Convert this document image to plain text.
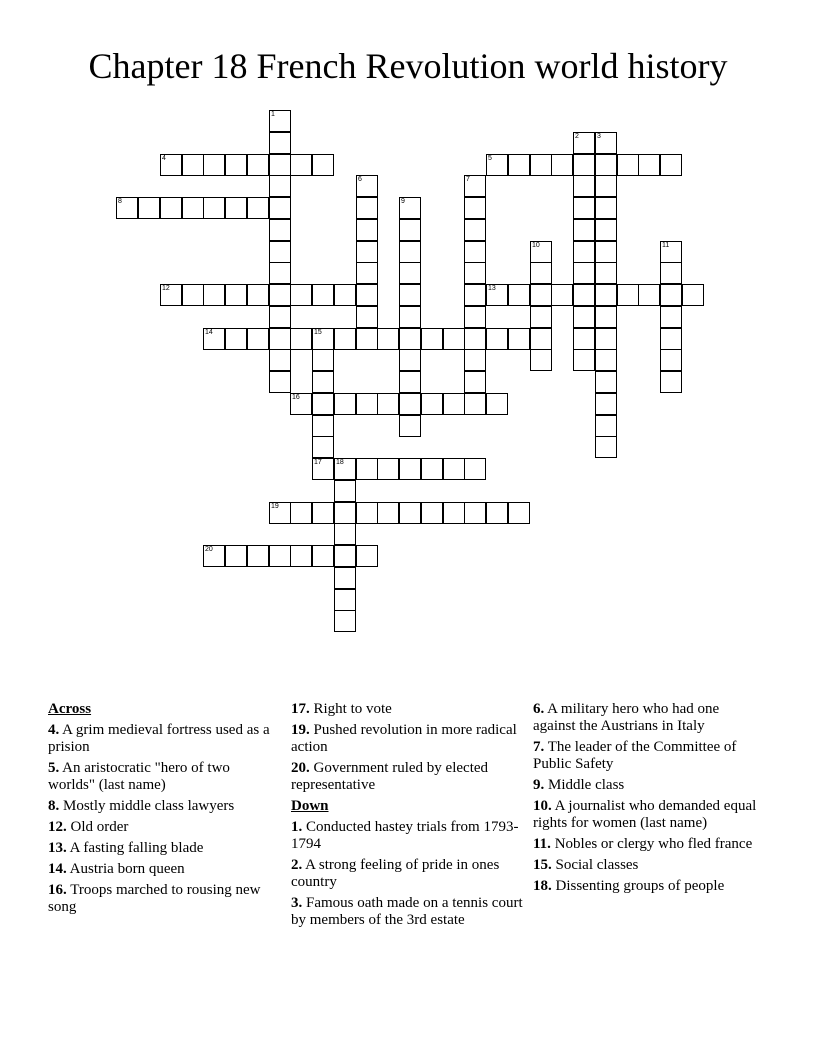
Chapter 18 French Revolution world history
1
2	3
4	5
6	7
8	9
10	11
12	13
14	15
17
16
18
19
20
Across
4. A grim medieval fortress used as a prision
5. An aristocratic "hero of two worlds" (last name)
8. Mostly middle class lawyers
12. Old order
13. A fasting falling blade
14. Austria born queen
16. Troops marched to rousing new song
17. Right to vote
19. Pushed revolution in more radical action
20. Government ruled by elected representative
Down
1. Conducted hastey trials from 1793-1794
2. A strong feeling of pride in ones country
3. Famous oath made on a tennis court by members of the 3rd estate
6. A military hero who had one against the Austrians in Italy
7. The leader of the Committee of Public Safety
9. Middle class
10. A journalist who demanded equal rights for women (last name)
11. Nobles or clergy who fled france
15. Social classes
18. Dissenting groups of people
